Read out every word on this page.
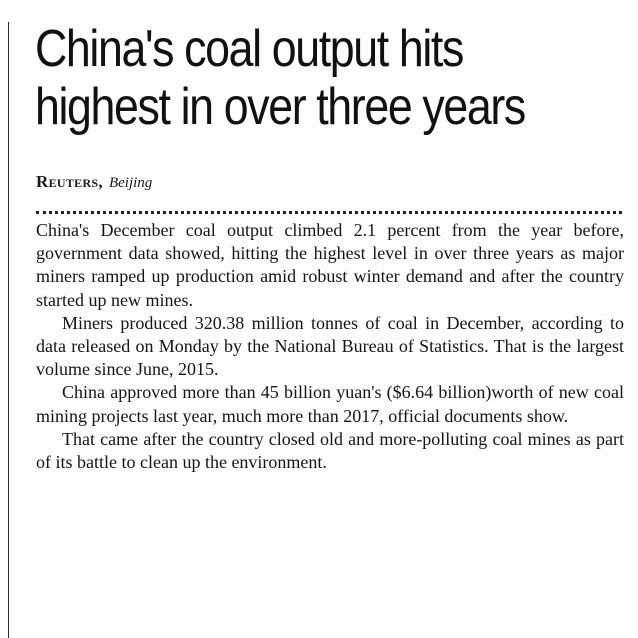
China's coal output hits
highest in over three years
Reuters, Beijing

China's December coal output climbed 2.1 percent from the year before, government data showed, hitting the highest level in over three years as major miners ramped up production amid robust winter demand and after the country started up new mines.

Miners produced 320.38 million tonnes of coal in December, according to data released on Monday by the National Bureau of Statistics. That is the largest volume since June, 2015.

China approved more than 45 billion yuan's ($6.64 billion)worth of new coal mining projects last year, much more than 2017, official documents show.

That came after the country closed old and more-polluting coal mines as part of its battle to clean up the environment.
